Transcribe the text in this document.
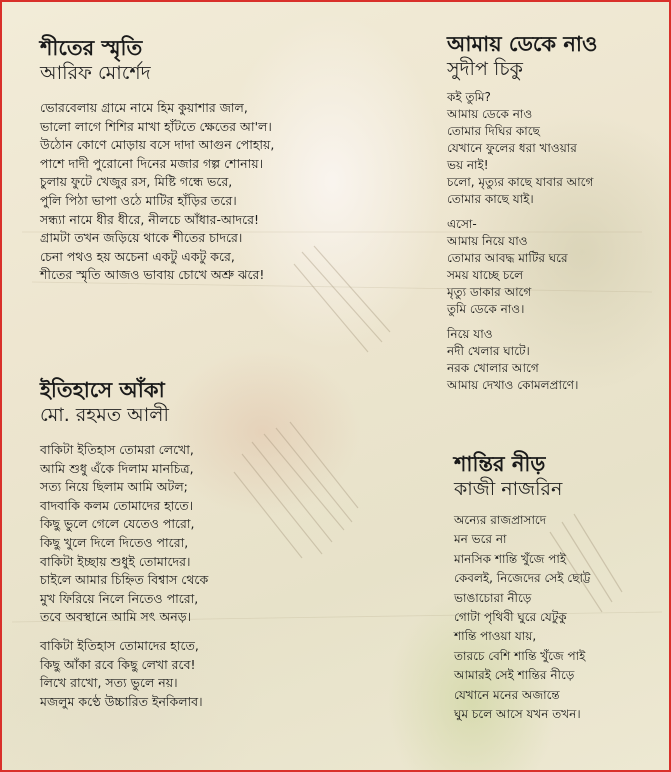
শীতের স্মৃতি
আরিফ মোর্শেদ
ভোরবেলায় গ্রামে নামে হিম কুয়াশার জাল,
ভালো লাগে শিশির মাখা হাঁটতে ক্ষেতের আ'ল।
উঠোন কোণে মোড়ায় বসে দাদা আগুন পোহায়,
পাশে দাদী পুরোনো দিনের মজার গল্প শোনায়।
চুলায় ফুটে খেজুর রস, মিষ্টি গন্ধে ভরে,
পুলি পিঠা ভাপা ওঠে মাটির হাঁড়ির তরে।
সন্ধ্যা নামে ধীর ধীরে, নীলচে আঁধার-আদরে!
গ্রামটা তখন জড়িয়ে থাকে শীতের চাদরে।
চেনা পথও হয় অচেনা একটু একটু করে,
শীতের স্মৃতি আজও ভাবায় চোখে অশ্রু ঝরে!
ইতিহাসে আঁকা
মো. রহমত আলী
বাকিটা ইতিহাস তোমরা লেখো,
আমি শুধু এঁকে দিলাম মানচিত্র,
সত্য নিয়ে ছিলাম আমি অটল;
বাদবাকি কলম তোমাদের হাতে।
কিছু ভুলে গেলে যেতেও পারো,
কিছু খুলে দিলে দিতেও পারো,
বাকিটা ইচ্ছায় শুধুই তোমাদের।
চাইলে আমার চিহ্নিত বিশ্বাস থেকে
মুখ ফিরিয়ে নিলে নিতেও পারো,
তবে অবস্থানে আমি সৎ অনড়।
বাকিটা ইতিহাস তোমাদের হাতে,
কিছু আঁকা রবে কিছু লেখা রবে!
লিখে রাখো, সত্য ভুলে নয়।
মজলুম কণ্ঠে উচ্চারিত ইনকিলাব।
আমায় ডেকে নাও
সুদীপ চিকু
কই তুমি?
আমায় ডেকে নাও
তোমার দিঘির কাছে
যেখানে ফুলের ধরা খাওয়ার
ভয় নাই!
চলো, মৃত্যুর কাছে যাবার আগে
তোমার কাছে যাই।
এসো-
আমায় নিয়ে যাও
তোমার আবদ্ধ মাটির ঘরে
সময় যাচ্ছে চলে
মৃত্যু ডাকার আগে
তুমি ডেকে নাও।
নিয়ে যাও
নদী খেলার ঘাটে।
নরক খোলার আগে
আমায় দেখাও কোমলপ্রাণে।
শান্তির নীড়
কাজী নাজরিন
অন্যের রাজপ্রাসাদে
মন ভরে না
মানসিক শান্তি খুঁজে পাই
কেবলই, নিজেদের সেই ছোট্ট
ভাঙাচোরা নীড়ে
গোটা পৃথিবী ঘুরে যেটুকু
শান্তি পাওয়া যায়,
তারচে বেশি শান্তি খুঁজে পাই
আমারই সেই শান্তির নীড়ে
যেখানে মনের অজান্তে
ঘুম চলে আসে যখন তখন।
